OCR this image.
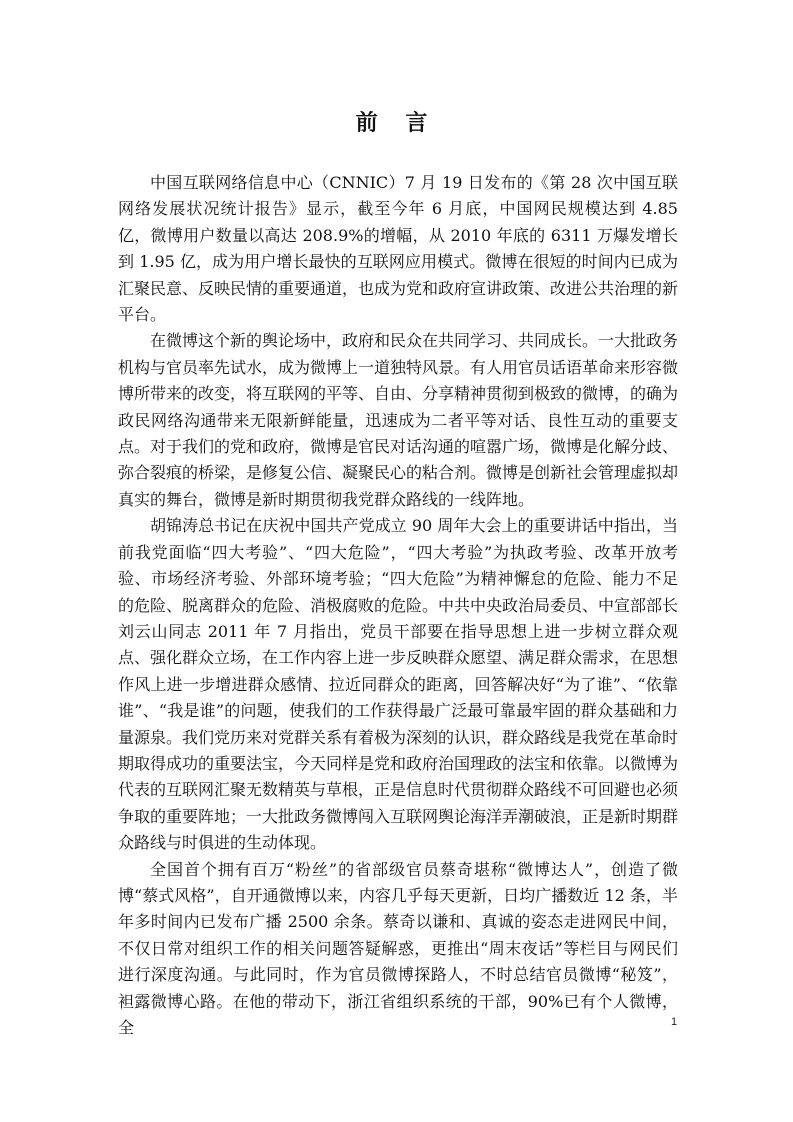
前 言

中国互联网络信息中心（CNNIC）7 月 19 日发布的《第 28 次中国互联网络发展状况统计报告》显示，截至今年 6 月底，中国网民规模达到 4.85 亿，微博用户数量以高达 208.9%的增幅，从 2010 年底的 6311 万爆发增长到 1.95 亿，成为用户增长最快的互联网应用模式。微博在很短的时间内已成为汇聚民意、反映民情的重要通道，也成为党和政府宣讲政策、改进公共治理的新平台。

在微博这个新的舆论场中，政府和民众在共同学习、共同成长。一大批政务机构与官员率先试水，成为微博上一道独特风景。有人用官员话语革命来形容微博所带来的改变，将互联网的平等、自由、分享精神贯彻到极致的微博，的确为政民网络沟通带来无限新鲜能量，迅速成为二者平等对话、良性互动的重要支点。对于我们的党和政府，微博是官民对话沟通的喧嚣广场，微博是化解分歧、弥合裂痕的桥梁，是修复公信、凝聚民心的粘合剂。微博是创新社会管理虚拟却真实的舞台，微博是新时期贯彻我党群众路线的一线阵地。

胡锦涛总书记在庆祝中国共产党成立 90 周年大会上的重要讲话中指出，当前我党面临“四大考验”、“四大危险”，“四大考验”为执政考验、改革开放考验、市场经济考验、外部环境考验；“四大危险”为精神懈怠的危险、能力不足的危险、脱离群众的危险、消极腐败的危险。中共中央政治局委员、中宣部部长刘云山同志 2011 年 7 月指出，党员干部要在指导思想上进一步树立群众观点、强化群众立场，在工作内容上进一步反映群众愿望、满足群众需求，在思想作风上进一步增进群众感情、拉近同群众的距离，回答解决好“为了谁”、“依靠谁”、“我是谁”的问题，使我们的工作获得最广泛最可靠最牢固的群众基础和力量源泉。我们党历来对党群关系有着极为深刻的认识，群众路线是我党在革命时期取得成功的重要法宝，今天同样是党和政府治国理政的法宝和依靠。以微博为代表的互联网汇聚无数精英与草根，正是信息时代贯彻群众路线不可回避也必须争取的重要阵地；一大批政务微博闯入互联网舆论海洋弄潮破浪，正是新时期群众路线与时俱进的生动体现。

全国首个拥有百万“粉丝”的省部级官员蔡奇堪称“微博达人”，创造了微博“蔡式风格”，自开通微博以来，内容几乎每天更新，日均广播数近 12 条，半年多时间内已发布广播 2500 余条。蔡奇以谦和、真诚的姿态走进网民中间，不仅日常对组织工作的相关问题答疑解惑，更推出“周末夜话”等栏目与网民们进行深度沟通。与此同时，作为官员微博探路人，不时总结官员微博“秘笈”，袒露微博心路。在他的带动下，浙江省组织系统的干部，90%已有个人微博，全	1
